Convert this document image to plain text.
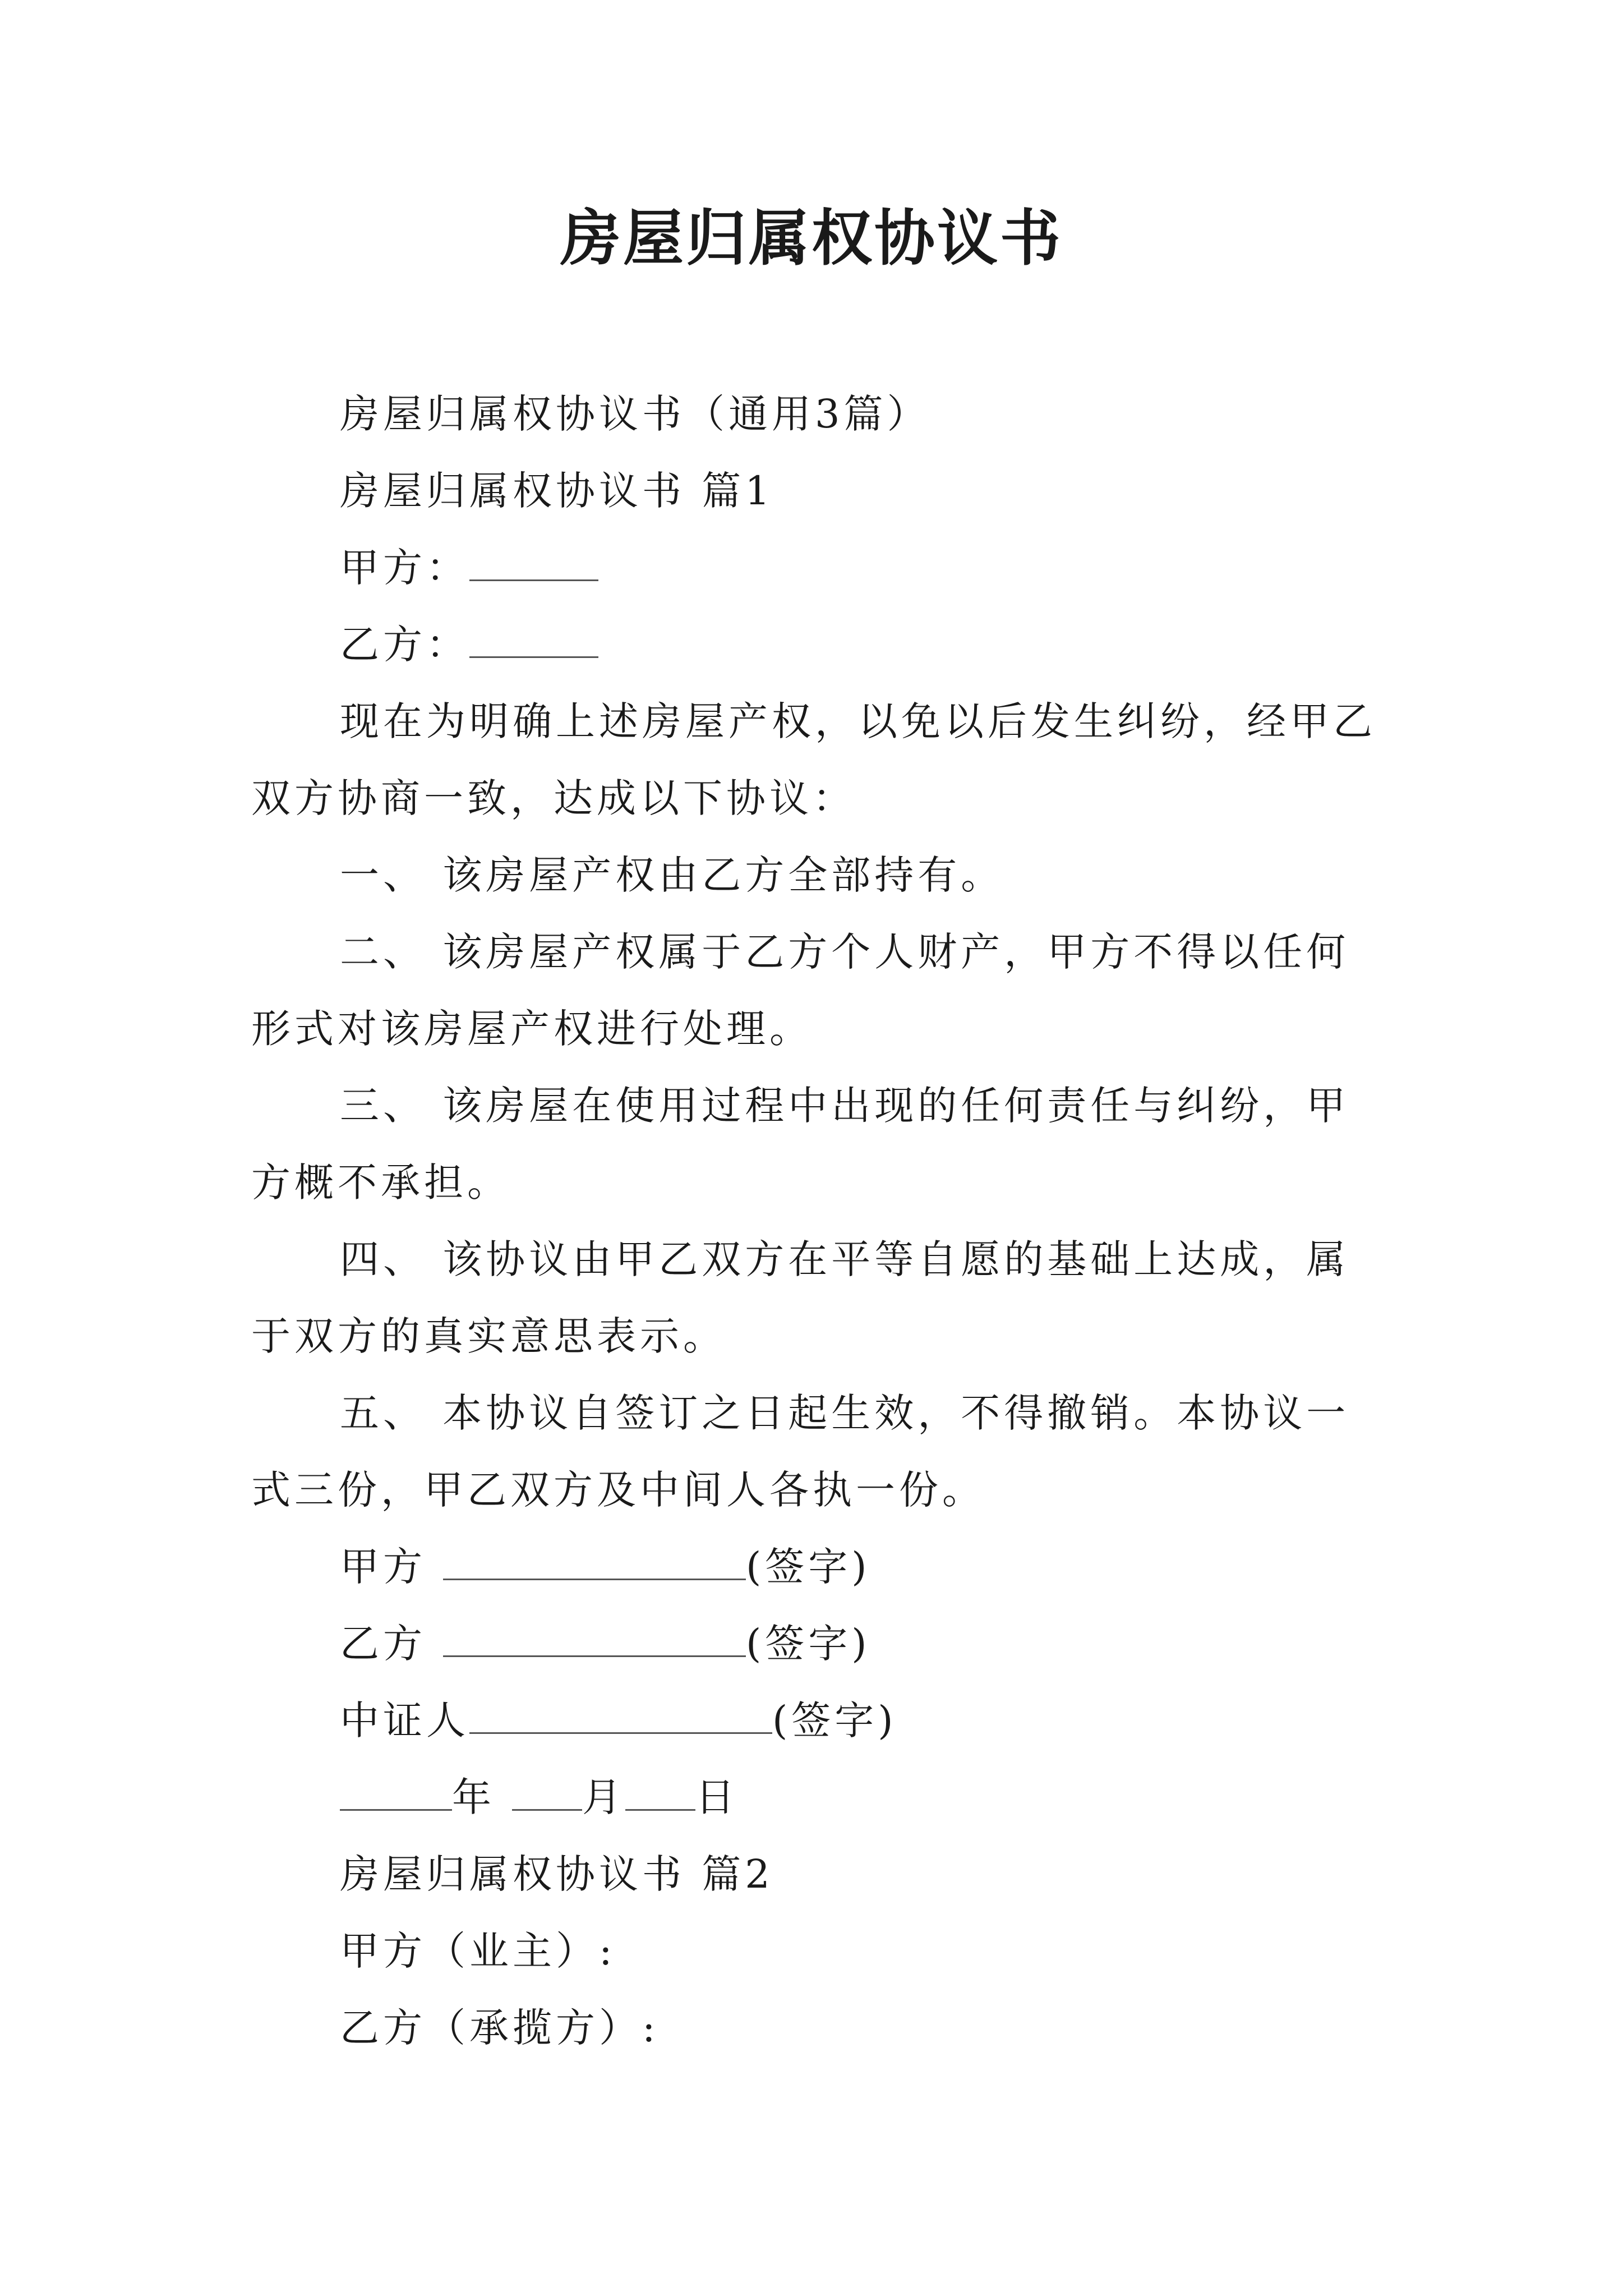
房屋归属权协议书
房屋归属权协议书（通用3篇）
房屋归属权协议书 篇1
甲方：
乙方：
现在为明确上述房屋产权，以免以后发生纠纷，经甲乙
双方协商一致，达成以下协议：
一、 该房屋产权由乙方全部持有。
二、 该房屋产权属于乙方个人财产，甲方不得以任何
形式对该房屋产权进行处理。
三、 该房屋在使用过程中出现的任何责任与纠纷，甲
方概不承担。
四、 该协议由甲乙双方在平等自愿的基础上达成，属
于双方的真实意思表示。
五、 本协议自签订之日起生效，不得撤销。本协议一
式三份，甲乙双方及中间人各执一份。
甲方	(签字)
乙方	(签字)
中证人	(签字)
年 月 日
房屋归属权协议书 篇2
甲方（业主）:
乙方（承揽方）:
